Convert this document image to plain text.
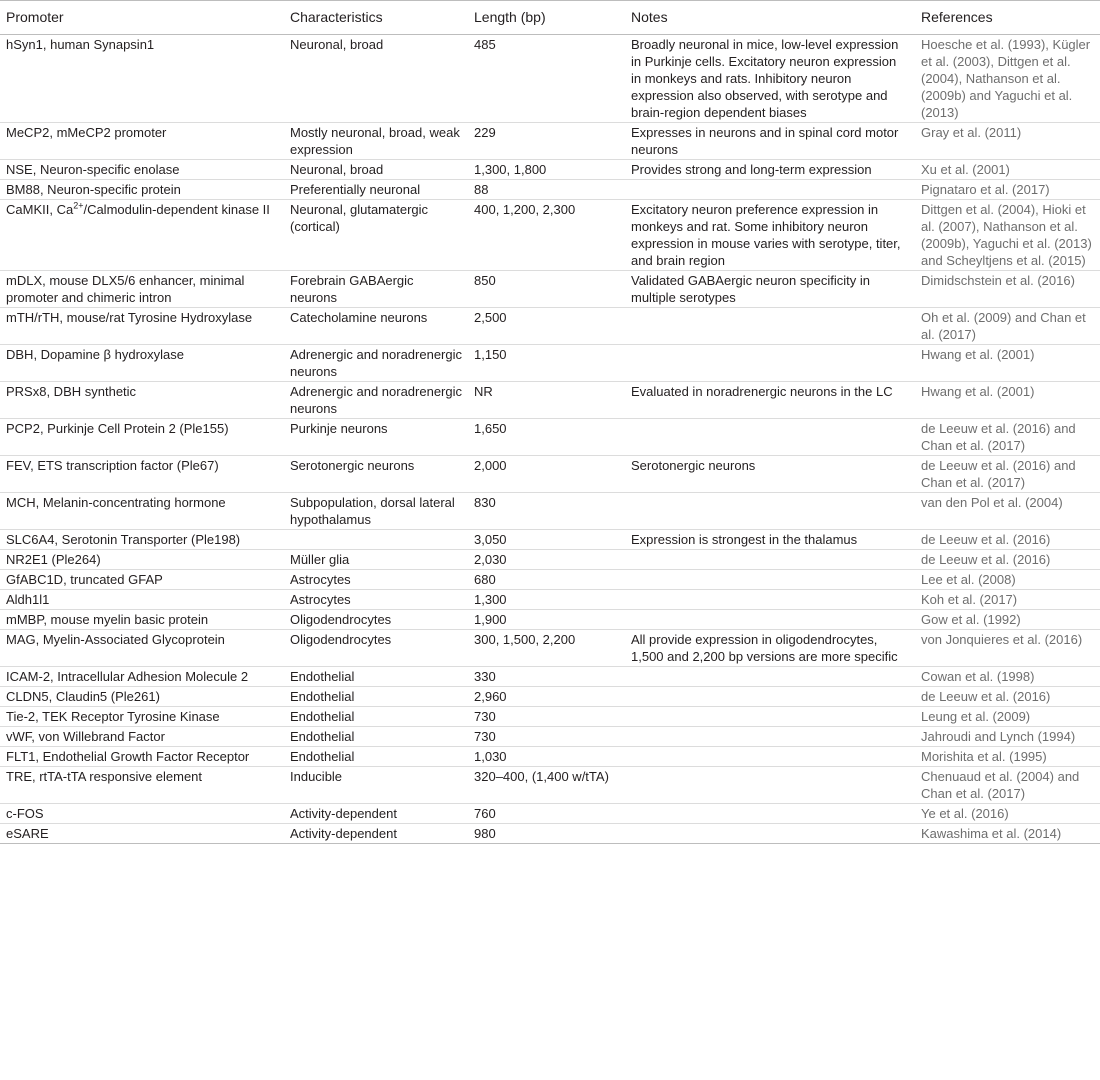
Promoter	Characteristics	Length (bp)	Notes	References
hSyn1, human Synapsin1	Neuronal, broad	485	Broadly neuronal in mice, low-level expression in Purkinje cells. Excitatory neuron expression in monkeys and rats. Inhibitory neuron expression also observed, with serotype and brain-region dependent biases	Hoesche et al. (1993), Kügler et al. (2003), Dittgen et al. (2004), Nathanson et al. (2009b) and Yaguchi et al. (2013)
MeCP2, mMeCP2 promoter	Mostly neuronal, broad, weak expression	229	Expresses in neurons and in spinal cord motor neurons	Gray et al. (2011)
NSE, Neuron-specific enolase	Neuronal, broad	1,300, 1,800	Provides strong and long-term expression	Xu et al. (2001)
BM88, Neuron-specific protein	Preferentially neuronal	88		Pignataro et al. (2017)
CaMKII, $Ca^{2+}/Calmodulin$-dependent kinase II	Neuronal, glutamatergic (cortical)	400, 1,200, 2,300	Excitatory neuron preference expression in monkeys and rat. Some inhibitory neuron expression in mouse varies with serotype, titer, and brain region	Dittgen et al. (2004), Hioki et al. (2007), Nathanson et al. (2009b), Yaguchi et al. (2013) and Scheyltjens et al. (2015)
mDLX, mouse DLX5/6 enhancer, minimal promoter and chimeric intron	Forebrain GABAergic neurons	850	Validated GABAergic neuron specificity in multiple serotypes	Dimidschstein et al. (2016)
mTH/rTH, mouse/rat Tyrosine Hydroxylase	Catecholamine neurons	2,500		Oh et al. (2009) and Chan et al. (2017)
DBH, Dopamine β hydroxylase	Adrenergic and noradrenergic neurons	1,150		Hwang et al. (2001)
PRSx8, DBH synthetic	Adrenergic and noradrenergic neurons	NR	Evaluated in noradrenergic neurons in the LC	Hwang et al. (2001)
PCP2, Purkinje Cell Protein 2 (Ple155)	Purkinje neurons	1,650		de Leeuw et al. (2016) and Chan et al. (2017)
FEV, ETS transcription factor (Ple67)	Serotonergic neurons	2,000	Serotonergic neurons	de Leeuw et al. (2016) and Chan et al. (2017)
MCH, Melanin-concentrating hormone	Subpopulation, dorsal lateral hypothalamus	830		van den Pol et al. (2004)
SLC6A4, Serotonin Transporter (Ple198)		3,050	Expression is strongest in the thalamus	de Leeuw et al. (2016)
NR2E1 (Ple264)	Müller glia	2,030		de Leeuw et al. (2016)
GfABC1D, truncated GFAP	Astrocytes	680		Lee et al. (2008)
Aldh1l1	Astrocytes	1,300		Koh et al. (2017)
mMBP, mouse myelin basic protein	Oligodendrocytes	1,900		Gow et al. (1992)
MAG, Myelin-Associated Glycoprotein	Oligodendrocytes	300, 1,500, 2,200	All provide expression in oligodendrocytes, 1,500 and 2,200 bp versions are more specific	von Jonquieres et al. (2016)
ICAM-2, Intracellular Adhesion Molecule 2	Endothelial	330		Cowan et al. (1998)
CLDN5, Claudin5 (Ple261)	Endothelial	2,960		de Leeuw et al. (2016)
Tie-2, TEK Receptor Tyrosine Kinase	Endothelial	730		Leung et al. (2009)
vWF, von Willebrand Factor	Endothelial	730		Jahroudi and Lynch (1994)
FLT1, Endothelial Growth Factor Receptor	Endothelial	1,030		Morishita et al. (1995)
TRE, rtTA-tTA responsive element	Inducible	320–400, (1,400 w/tTA)		Chenuaud et al. (2004) and Chan et al. (2017)
c-FOS	Activity-dependent	760		Ye et al. (2016)
eSARE	Activity-dependent	980		Kawashima et al. (2014)
